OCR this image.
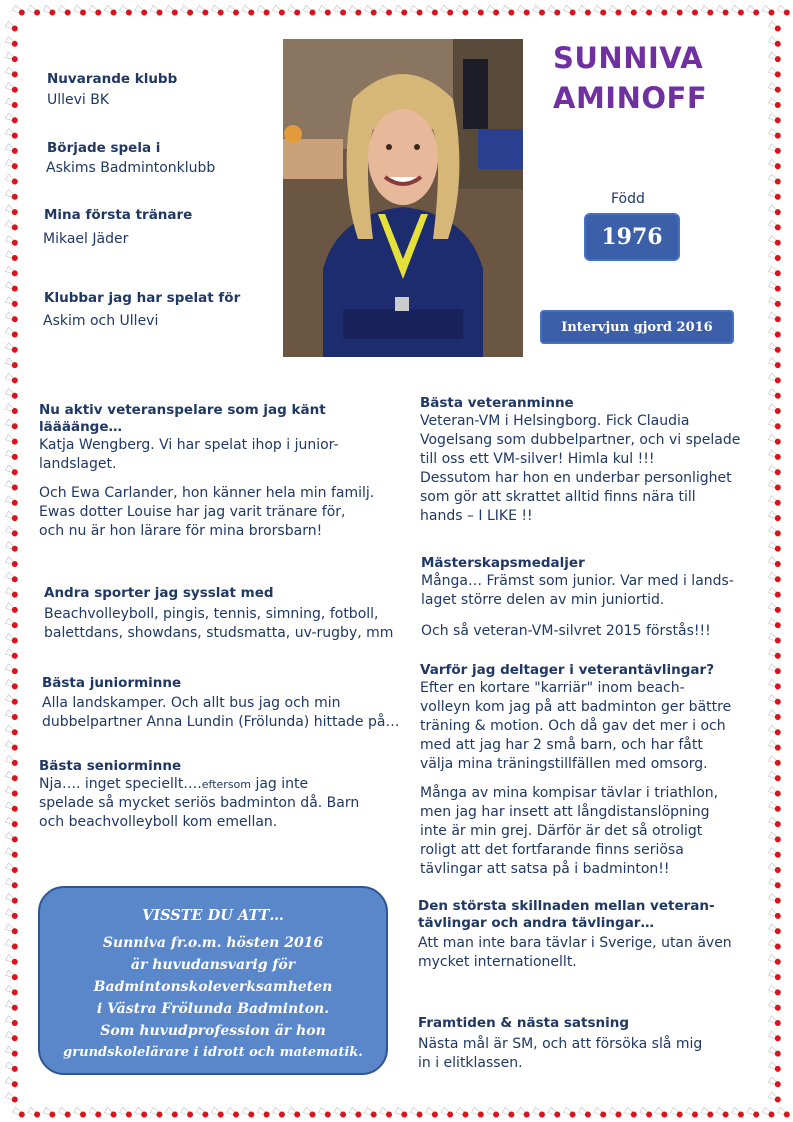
SUNNIVA
AMINOFF
Född
1976
Intervjun gjord 2016
Nuvarande klubb
Ullevi BK
Började spela i
Askims Badmintonklubb
Mina första tränare
Mikael Jäder
Klubbar jag har spelat för
Askim och Ullevi
Nu aktiv veteranspelare som jag känt
läääänge…
Katja Wengberg. Vi har spelat ihop i junior-
landslaget.
Och Ewa Carlander, hon känner hela min familj.
Ewas dotter Louise har jag varit tränare för,
och nu är hon lärare för mina brorsbarn!
Andra sporter jag sysslat med
Beachvolleyboll, pingis, tennis, simning, fotboll,
balettdans, showdans, studsmatta, uv-rugby, mm
Bästa juniorminne
Alla landskamper. Och allt bus jag och min
dubbelpartner Anna Lundin (Frölunda) hittade på…
Bästa seniorminne
Nja…. inget speciellt….eftersom jag inte
spelade så mycket seriös badminton då. Barn
och beachvolleyboll kom emellan.
VISSTE DU ATT…
Sunniva fr.o.m. hösten 2016
är huvudansvarig för
Badmintonskoleverksamheten
i Västra Frölunda Badminton.
Som huvudprofession är hon
grundskolelärare i idrott och matematik.
Bästa veteranminne
Veteran-VM i Helsingborg. Fick Claudia
Vogelsang som dubbelpartner, och vi spelade
till oss ett VM-silver! Himla kul !!!
Dessutom har hon en underbar personlighet
som gör att skrattet alltid finns nära till
hands – I LIKE !!
Mästerskapsmedaljer
Många… Främst som junior. Var med i lands-
laget större delen av min juniortid.
Och så veteran-VM-silvret 2015 förstås!!!
Varför jag deltager i veterantävlingar?
Efter en kortare "karriär" inom beach-
volleyn kom jag på att badminton ger bättre
träning & motion. Och då gav det mer i och
med att jag har 2 små barn, och har fått
välja mina träningstillfällen med omsorg.
Många av mina kompisar tävlar i triathlon,
men jag har insett att långdistanslöpning
inte är min grej. Därför är det så otroligt
roligt att det fortfarande finns seriösa
tävlingar att satsa på i badminton!!
Den största skillnaden mellan veteran-
tävlingar och andra tävlingar…
Att man inte bara tävlar i Sverige, utan även
mycket internationellt.
Framtiden & nästa satsning
Nästa mål är SM, och att försöka slå mig
in i elitklassen.
